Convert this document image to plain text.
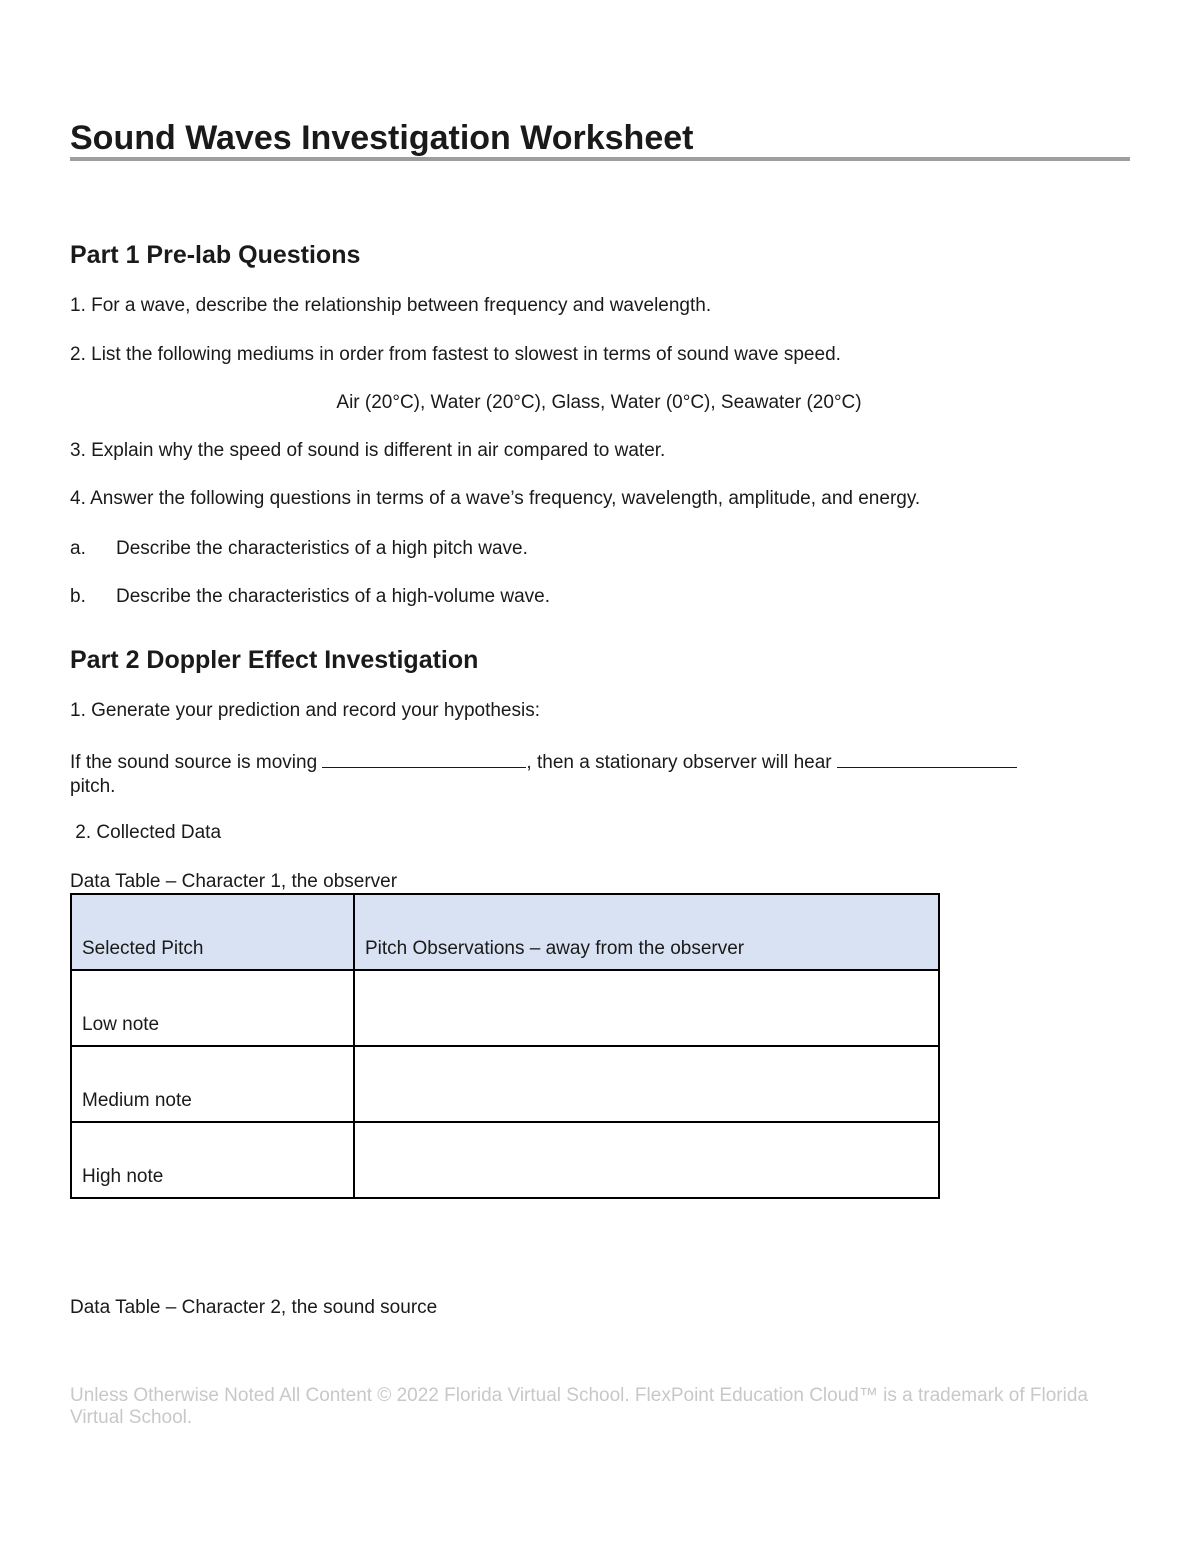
Sound Waves Investigation Worksheet
Part 1 Pre-lab Questions

1. For a wave, describe the relationship between frequency and wavelength.

2. List the following mediums in order from fastest to slowest in terms of sound wave speed.

Air (20°C), Water (20°C), Glass, Water (0°C), Seawater (20°C)

3. Explain why the speed of sound is different in air compared to water.

4. Answer the following questions in terms of a wave’s frequency, wavelength, amplitude, and energy.

a. Describe the characteristics of a high pitch wave.

b. Describe the characteristics of a high-volume wave.

Part 2 Doppler Effect Investigation

1. Generate your prediction and record your hypothesis:

If the sound source is moving	, then a stationary observer will hear
pitch.

2. Collected Data

Data Table – Character 1, the observer

Selected Pitch	Pitch Observations – away from the observer
Low note	
Medium note	
High note	

Data Table – Character 2, the sound source

Unless Otherwise Noted All Content © 2022 Florida Virtual School. FlexPoint Education Cloud™ is a trademark of Florida Virtual School.
